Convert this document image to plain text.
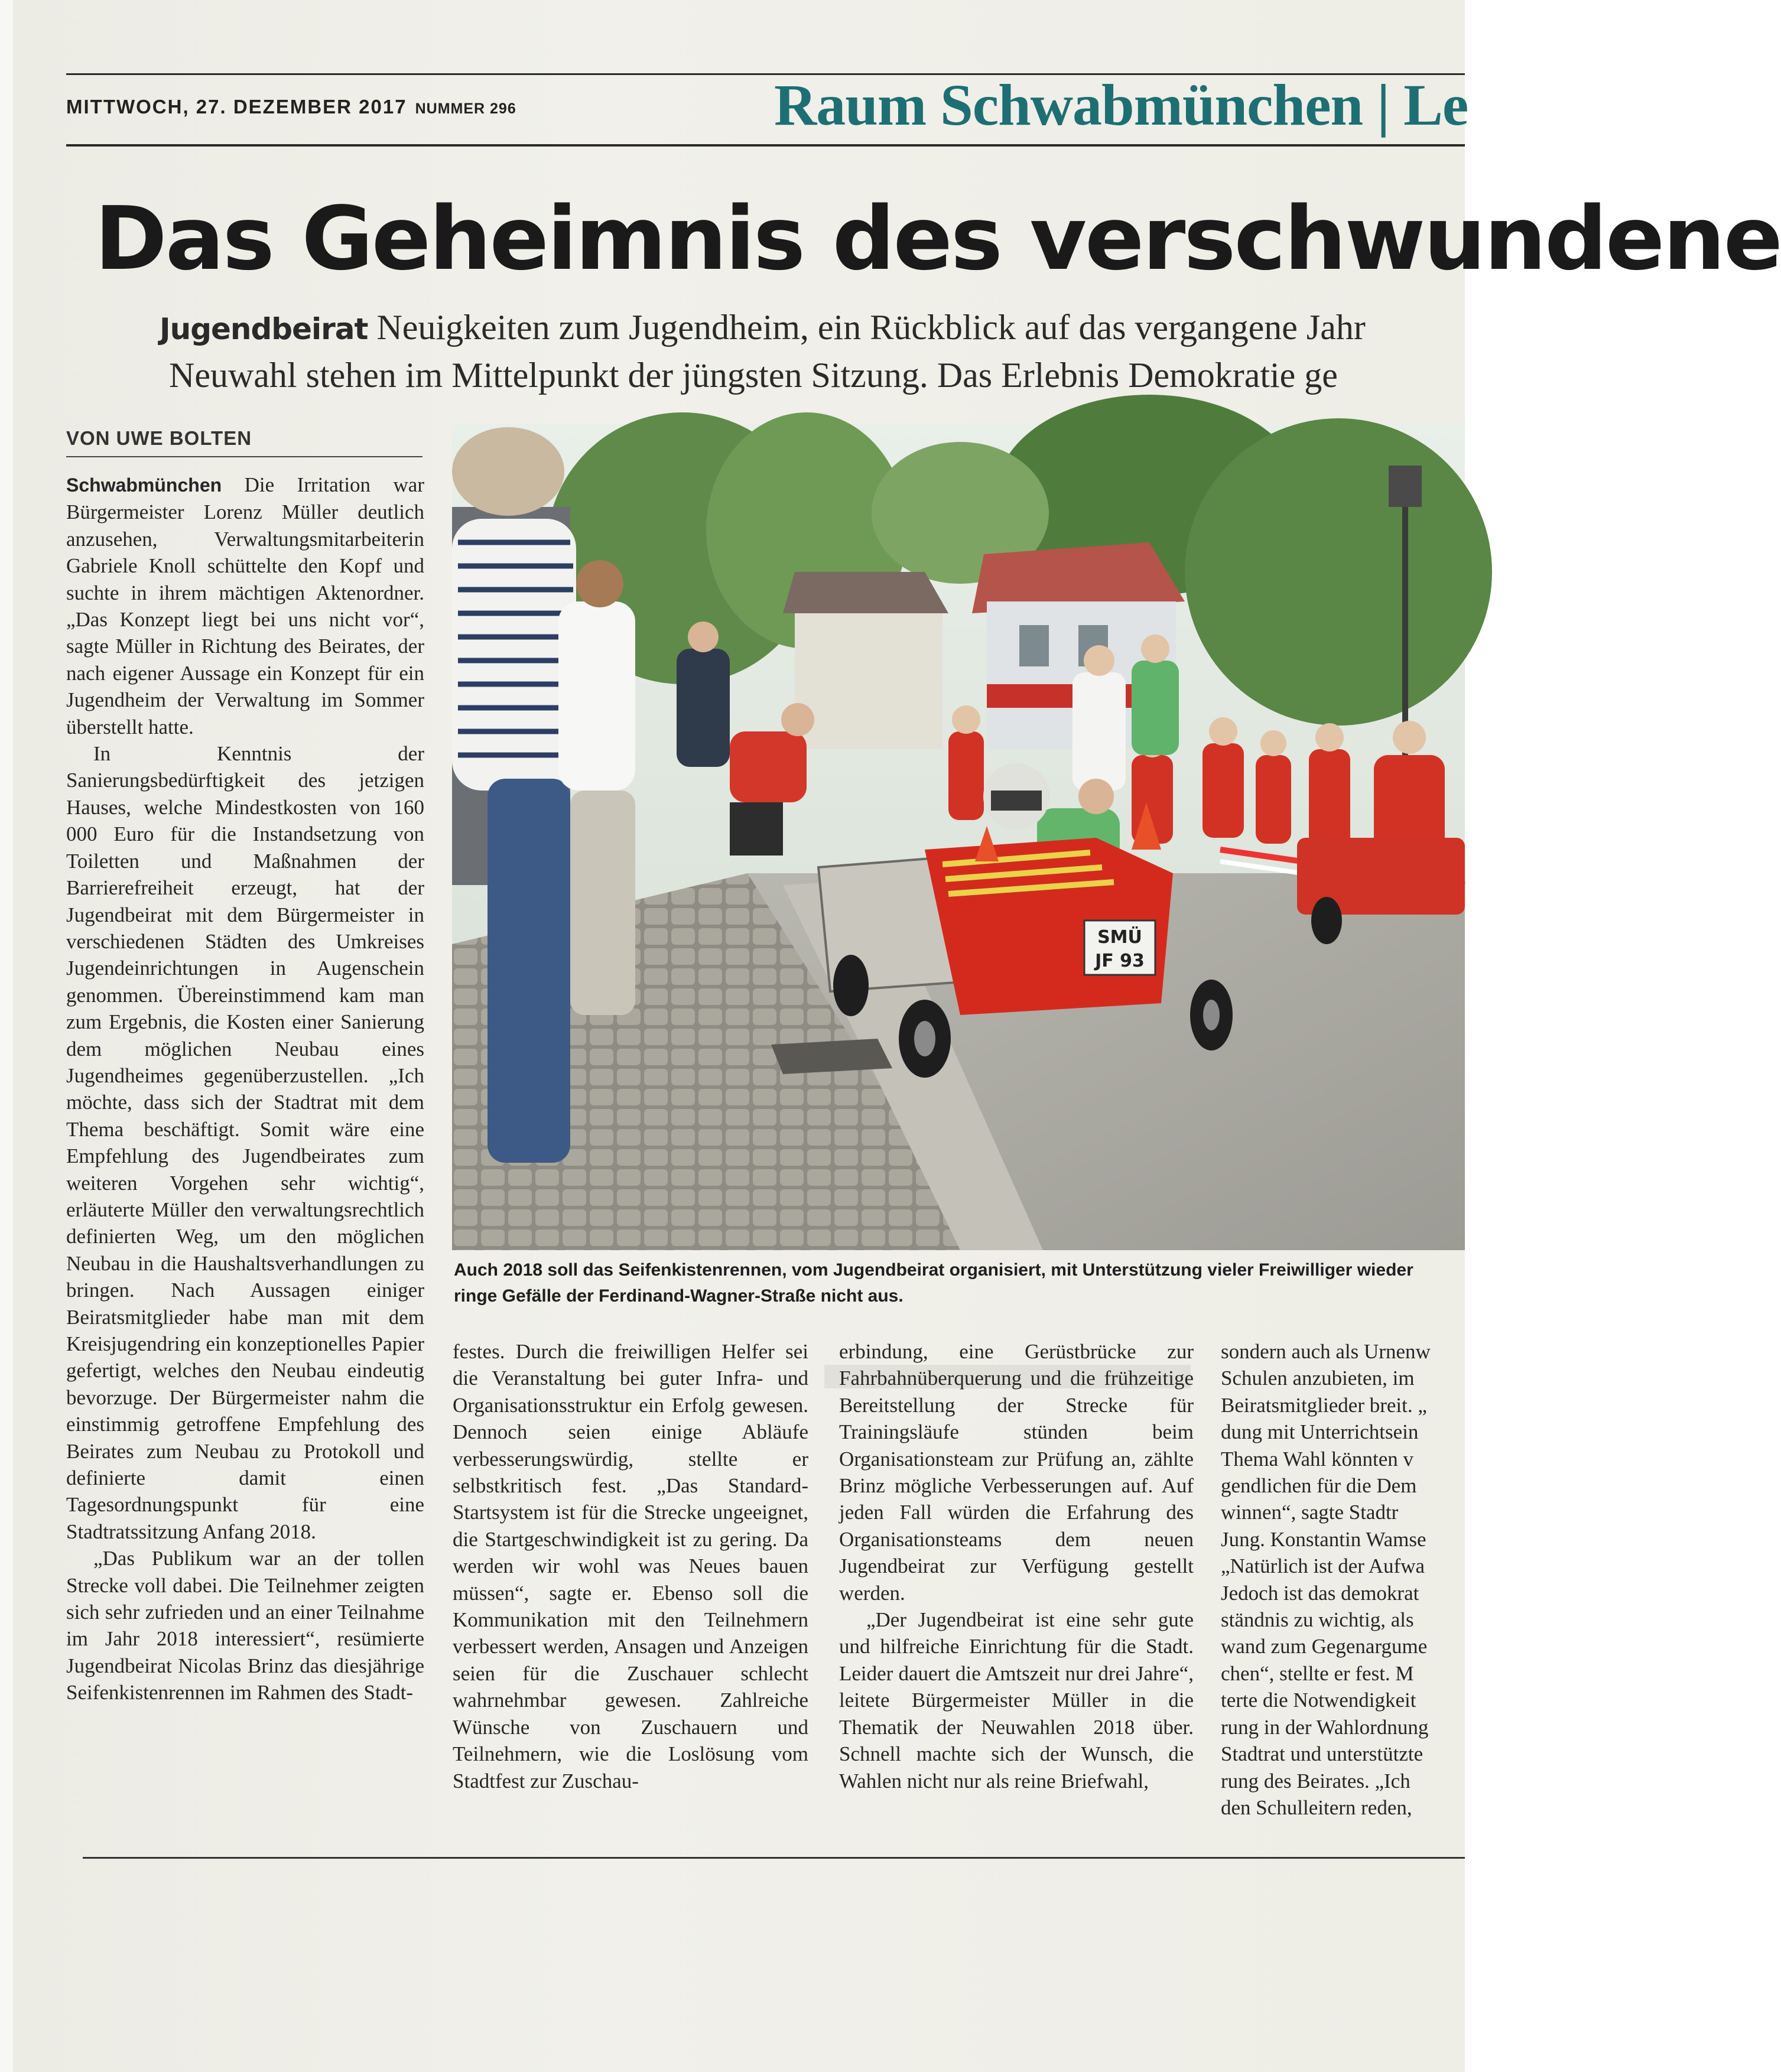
MITTWOCH, 27. DEZEMBER 2017 NUMMER 296	Raum Schwabmünchen | Le
Das Geheimnis des verschwundene
Jugendbeirat Neuigkeiten zum Jugendheim, ein Rückblick auf das vergangene Jahr
Neuwahl stehen im Mittelpunkt der jüngsten Sitzung. Das Erlebnis Demokratie ge
VON UWE BOLTEN

Schwabmünchen Die Irritation war Bürgermeister Lorenz Müller deutlich anzusehen, Verwaltungsmitarbeiterin Gabriele Knoll schüttelte den Kopf und suchte in ihrem mächtigen Aktenordner. „Das Konzept liegt bei uns nicht vor“, sagte Müller in Richtung des Beirates, der nach eigener Aussage ein Konzept für ein Jugendheim der Verwaltung im Sommer überstellt hatte.

In Kenntnis der Sanierungsbedürftigkeit des jetzigen Hauses, welche Mindestkosten von 160 000 Euro für die Instandsetzung von Toiletten und Maßnahmen der Barrierefreiheit erzeugt, hat der Jugendbeirat mit dem Bürgermeister in verschiedenen Städten des Umkreises Jugendeinrichtungen in Augenschein genommen. Übereinstimmend kam man zum Ergebnis, die Kosten einer Sanierung dem möglichen Neubau eines Jugendheimes gegenüberzustellen. „Ich möchte, dass sich der Stadtrat mit dem Thema beschäftigt. Somit wäre eine Empfehlung des Jugendbeirates zum weiteren Vorgehen sehr wichtig“, erläuterte Müller den verwaltungsrechtlich definierten Weg, um den möglichen Neubau in die Haushaltsverhandlungen zu bringen. Nach Aussagen einiger Beiratsmitglieder habe man mit dem Kreisjugendring ein konzeptionelles Papier gefertigt, welches den Neubau eindeutig bevorzuge. Der Bürgermeister nahm die einstimmig getroffene Empfehlung des Beirates zum Neubau zu Protokoll und definierte damit einen Tagesordnungspunkt für eine Stadtratssitzung Anfang 2018.

„Das Publikum war an der tollen Strecke voll dabei. Die Teilnehmer zeigten sich sehr zufrieden und an einer Teilnahme im Jahr 2018 interessiert“, resümierte Jugendbeirat Nicolas Brinz das diesjährige Seifenkistenrennen im Rahmen des Stadt-

SMÜ
JF 93
Auch 2018 soll das Seifenkistenrennen, vom Jugendbeirat organisiert, mit Unterstützung vieler Freiwilliger wieder
ringe Gefälle der Ferdinand-Wagner-Straße nicht aus.

festes. Durch die freiwilligen Helfer sei die Veranstaltung bei guter Infra- und Organisationsstruktur ein Erfolg gewesen. Dennoch seien einige Abläufe verbesserungswürdig, stellte er selbstkritisch fest. „Das Standard-Startsystem ist für die Strecke ungeeignet, die Startgeschwindigkeit ist zu gering. Da werden wir wohl was Neues bauen müssen“, sagte er. Ebenso soll die Kommunikation mit den Teilnehmern verbessert werden, Ansagen und Anzeigen seien für die Zuschauer schlecht wahrnehmbar gewesen. Zahlreiche Wünsche von Zuschauern und Teilnehmern, wie die Loslösung vom Stadtfest zur Zuschau-

erbindung, eine Gerüstbrücke zur Fahrbahnüberquerung und die frühzeitige Bereitstellung der Strecke für Trainingsläufe stünden beim Organisationsteam zur Prüfung an, zählte Brinz mögliche Verbesserungen auf. Auf jeden Fall würden die Erfahrung des Organisationsteams dem neuen Jugendbeirat zur Verfügung gestellt werden.

„Der Jugendbeirat ist eine sehr gute und hilfreiche Einrichtung für die Stadt. Leider dauert die Amtszeit nur drei Jahre“, leitete Bürgermeister Müller in die Thematik der Neuwahlen 2018 über. Schnell machte sich der Wunsch, die Wahlen nicht nur als reine Briefwahl,

sondern auch als Urnenw
Schulen anzubieten, im
Beiratsmitglieder breit. „
dung mit Unterrichtsein
Thema Wahl könnten v
gendlichen für die Dem
winnen“, sagte Stadtr
Jung. Konstantin Wamse
„Natürlich ist der Aufwa
Jedoch ist das demokrat
ständnis zu wichtig, als
wand zum Gegenargume
chen“, stellte er fest. M
terte die Notwendigkeit
rung in der Wahlordnung
Stadtrat und unterstützte
rung des Beirates. „Ich
den Schulleitern reden,
